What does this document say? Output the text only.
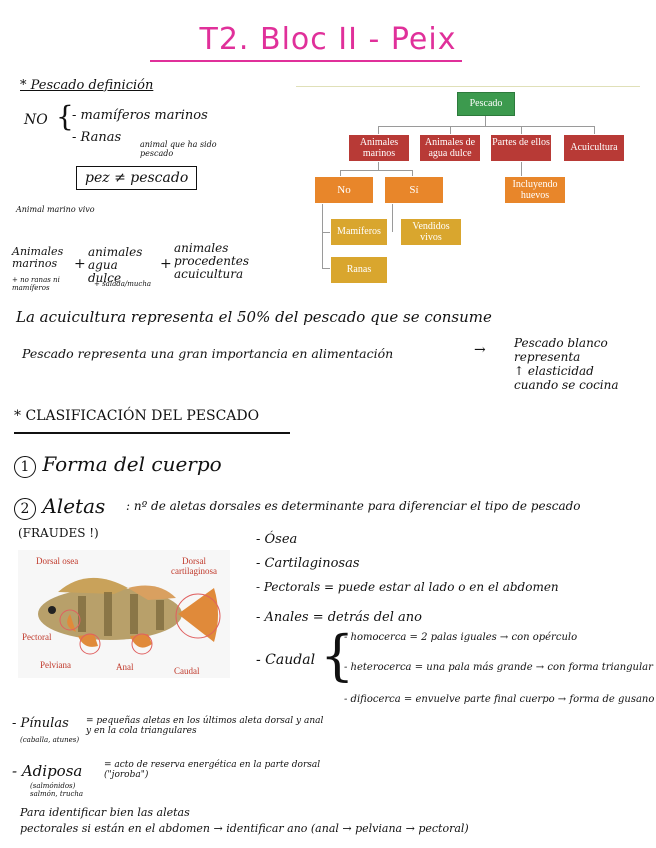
T2. Bloc II - Peix
* Pescado definición
NO {
- mamíferos marinos
- Ranas animal que ha sido pescado
pez ≠ pescado
Animal marino vivo
Animales marinos
+ no ranas ni mamíferos
+
animales agua dulce
+ salada/mucha
+
animales procedentes acuicultura
La acuicultura representa el 50% del pescado que se consume
Pescado representa una gran importancia en alimentación	→ Pescado blanco
representa
↑ elasticidad
cuando se cocina
Pescado
Animales marinos
Animales de agua dulce
Partes de ellos	Acuicultura
No	Sí	Incluyendo huevos
Mamíferos
Ranas
Vendidos vivos
* CLASIFICACIÓN DEL PESCADO
1 Forma del cuerpo
2 Aletas : nº de aletas dorsales es determinante para diferenciar el tipo de pescado
(FRAUDES !)
Dorsal osea	Dorsal cartilaginosa
Pectoral
Pelviana	Anal	Caudal
- Ósea
- Cartilaginosas
- Pectorals = puede estar al lado o en el abdomen
- Anales = detrás del ano
- Caudal {
- homocerca = 2 palas iguales → con opérculo
- heterocerca = una pala más grande → con forma triangular
- difiocerca = envuelve parte final cuerpo → forma de gusano
- Pínulas
(caballa, atunes)
= pequeñas aletas en los últimos aleta dorsal y anal y en la cola triangulares
- Adiposa
(salmónidos) salmón, trucha
= acto de reserva energética en la parte dorsal ("joroba")
Para identificar bien las aletas
pectorales si están en el abdomen → identificar ano (anal → pelviana → pectoral)
